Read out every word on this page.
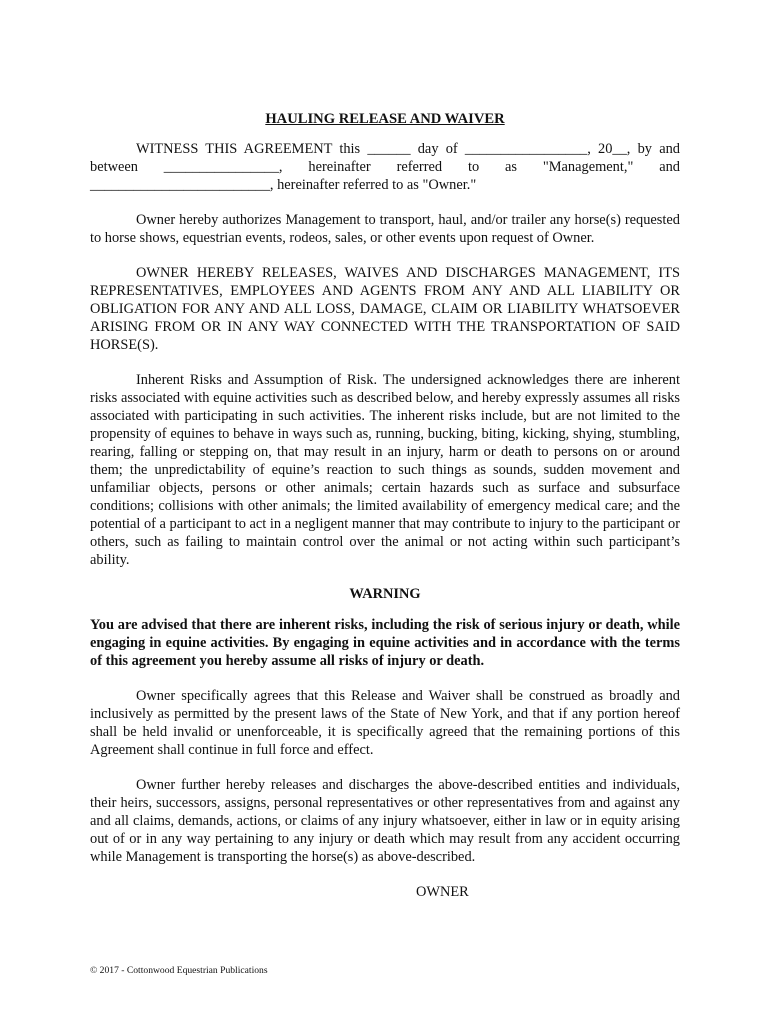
HAULING RELEASE AND WAIVER

WITNESS THIS AGREEMENT this ______ day of _________________, 20__, by and
between ________________, hereinafter referred to as "Management," and
_________________________, hereinafter referred to as "Owner."

Owner hereby authorizes Management to transport, haul, and/or trailer any horse(s) requested to horse shows, equestrian events, rodeos, sales, or other events upon request of Owner.

OWNER HEREBY RELEASES, WAIVES AND DISCHARGES MANAGEMENT, ITS REPRESENTATIVES, EMPLOYEES AND AGENTS FROM ANY AND ALL LIABILITY OR OBLIGATION FOR ANY AND ALL LOSS, DAMAGE, CLAIM OR LIABILITY WHATSOEVER ARISING FROM OR IN ANY WAY CONNECTED WITH THE TRANSPORTATION OF SAID HORSE(S).

Inherent Risks and Assumption of Risk. The undersigned acknowledges there are inherent risks associated with equine activities such as described below, and hereby expressly assumes all risks associated with participating in such activities. The inherent risks include, but are not limited to the propensity of equines to behave in ways such as, running, bucking, biting, kicking, shying, stumbling, rearing, falling or stepping on, that may result in an injury, harm or death to persons on or around them; the unpredictability of equine’s reaction to such things as sounds, sudden movement and unfamiliar objects, persons or other animals; certain hazards such as surface and subsurface conditions; collisions with other animals; the limited availability of emergency medical care; and the potential of a participant to act in a negligent manner that may contribute to injury to the participant or others, such as failing to maintain control over the animal or not acting within such participant’s ability.

WARNING

You are advised that there are inherent risks, including the risk of serious injury or death, while engaging in equine activities. By engaging in equine activities and in accordance with the terms of this agreement you hereby assume all risks of injury or death.

Owner specifically agrees that this Release and Waiver shall be construed as broadly and inclusively as permitted by the present laws of the State of New York, and that if any portion hereof shall be held invalid or unenforceable, it is specifically agreed that the remaining portions of this Agreement shall continue in full force and effect.

Owner further hereby releases and discharges the above-described entities and individuals, their heirs, successors, assigns, personal representatives or other representatives from and against any and all claims, demands, actions, or claims of any injury whatsoever, either in law or in equity arising out of or in any way pertaining to any injury or death which may result from any accident occurring while Management is transporting the horse(s) as above-described.

OWNER

© 2017 - Cottonwood Equestrian Publications
